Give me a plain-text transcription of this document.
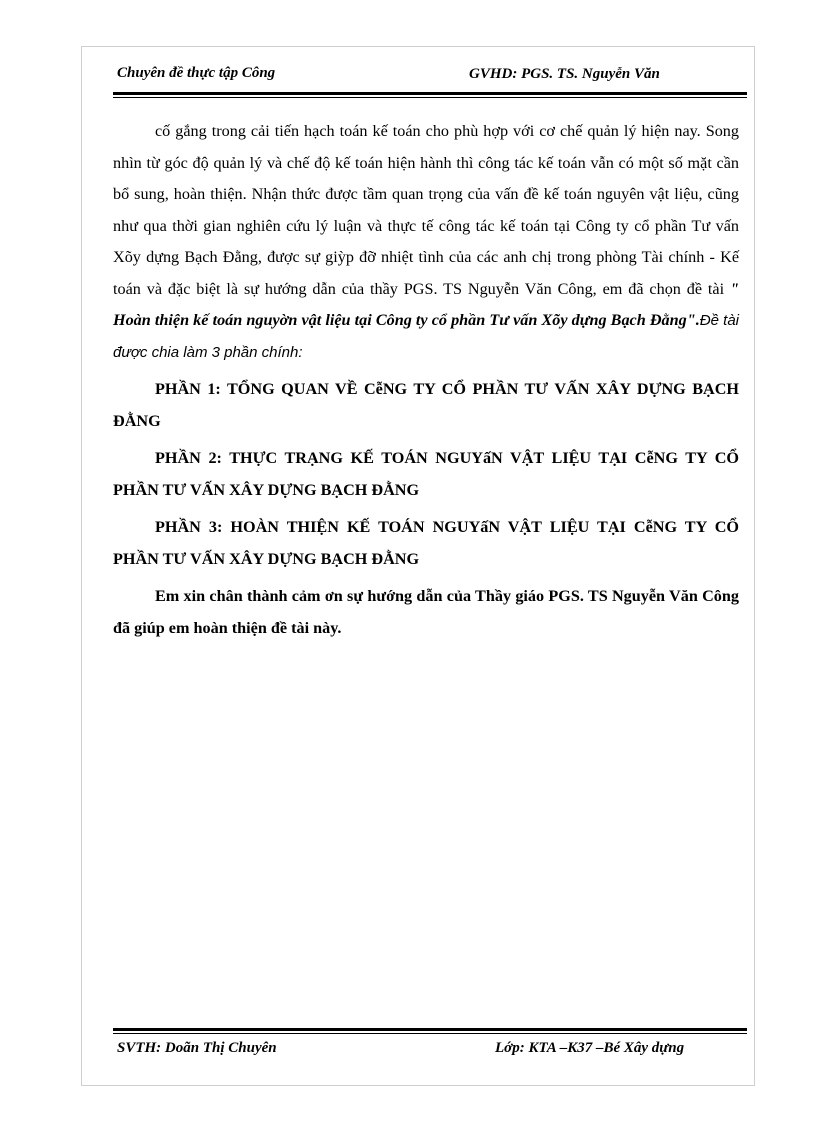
Chuyên đề thực tập Công	GVHD: PGS. TS. Nguyễn Văn

cố gắng trong cải tiến hạch toán kế toán cho phù hợp với cơ chế quản lý hiện nay. Song nhìn từ góc độ quản lý và chế độ kế toán hiện hành thì công tác kế toán vẫn có một số mặt cần bổ sung, hoàn thiện. Nhận thức được tầm quan trọng của vấn đề kế toán nguyên vật liệu, cũng như qua thời gian nghiên cứu lý luận và thực tế công tác kế toán tại Công ty cổ phần Tư vấn Xõy dựng Bạch Đằng, được sự giỳp đỡ nhiệt tình của các anh chị trong phòng Tài chính - Kế toán và đặc biệt là sự hướng dẫn của thầy PGS. TS Nguyễn Văn Công, em đã chọn đề tài " Hoàn thiện kế toán nguyờn vật liệu tại Công ty cổ phần Tư vấn Xõy dựng Bạch Đằng".Đề tài được chia làm 3 phần chính:

PHẦN 1: TỔNG QUAN VỀ CễNG TY CỔ PHẦN TƯ VẤN XÂY DỰNG BẠCH ĐẰNG

PHẦN 2: THỰC TRẠNG KẾ TOÁN NGUYấN VẬT LIỆU TẠI CễNG TY CỔ PHẦN TƯ VẤN XÂY DỰNG BẠCH ĐẰNG

PHẦN 3: HOÀN THIỆN KẾ TOÁN NGUYấN VẬT LIỆU TẠI CễNG TY CỔ PHẦN TƯ VẤN XÂY DỰNG BẠCH ĐẰNG

Em xin chân thành cảm ơn sự hướng dẫn của Thầy giáo PGS. TS Nguyễn Văn Công đã giúp em hoàn thiện đề tài này.

SVTH: Doãn Thị Chuyên	Lớp: KTA –K37 –Bé Xây dựng
